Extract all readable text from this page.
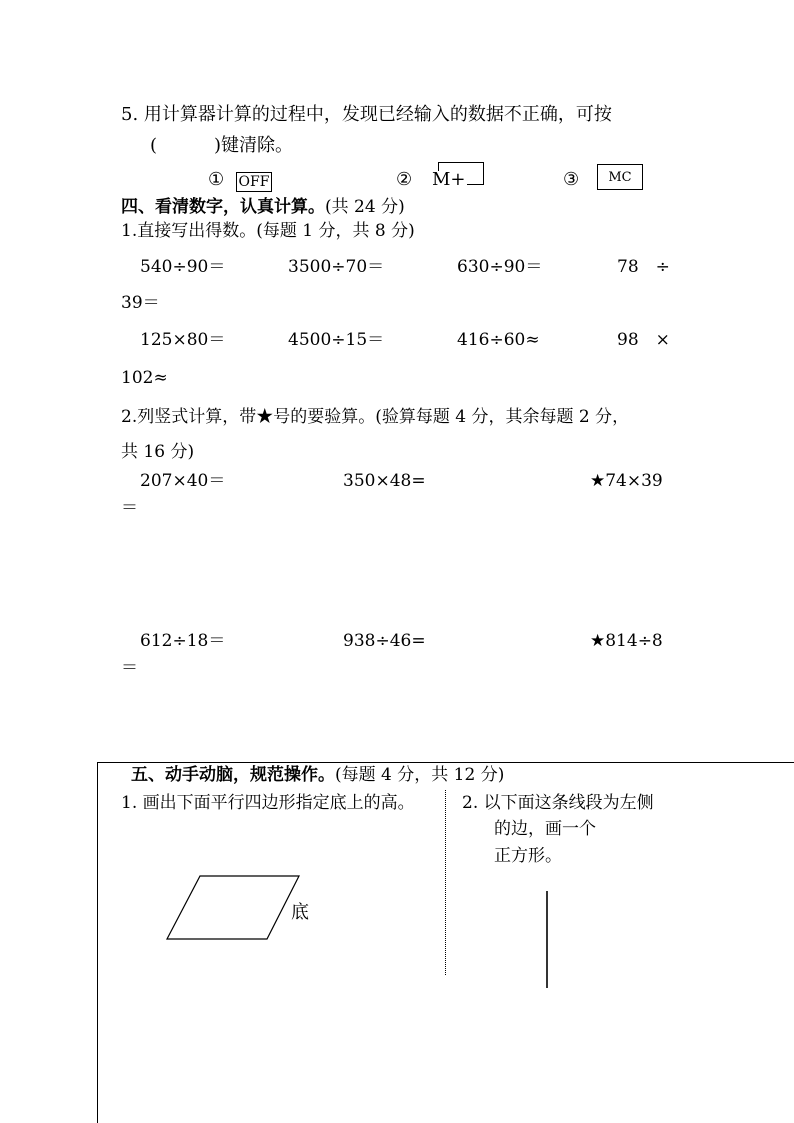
5. 用计算器计算的过程中，发现已经输入的数据不正确，可按
(	)键清除。
① OFF	② M+	③ MC
四、看清数字，认真计算。(共 24 分)
1.直接写出得数。(每题 1 分，共 8 分)
540÷90＝	3500÷70＝	630÷90＝	78　÷
39＝
125×80＝	4500÷15＝	416÷60≈	98　×
102≈
2.列竖式计算，带★号的要验算。(验算每题 4 分，其余每题 2 分，
共 16 分)
207×40＝	350×48=	★74×39
＝
612÷18＝	938÷46=	★814÷8
＝
五、动手动脑，规范操作。(每题 4 分，共 12 分)
1. 画出下面平行四边形指定底上的高。	2. 以下面这条线段为左侧
的边，画一个
正方形。
底
